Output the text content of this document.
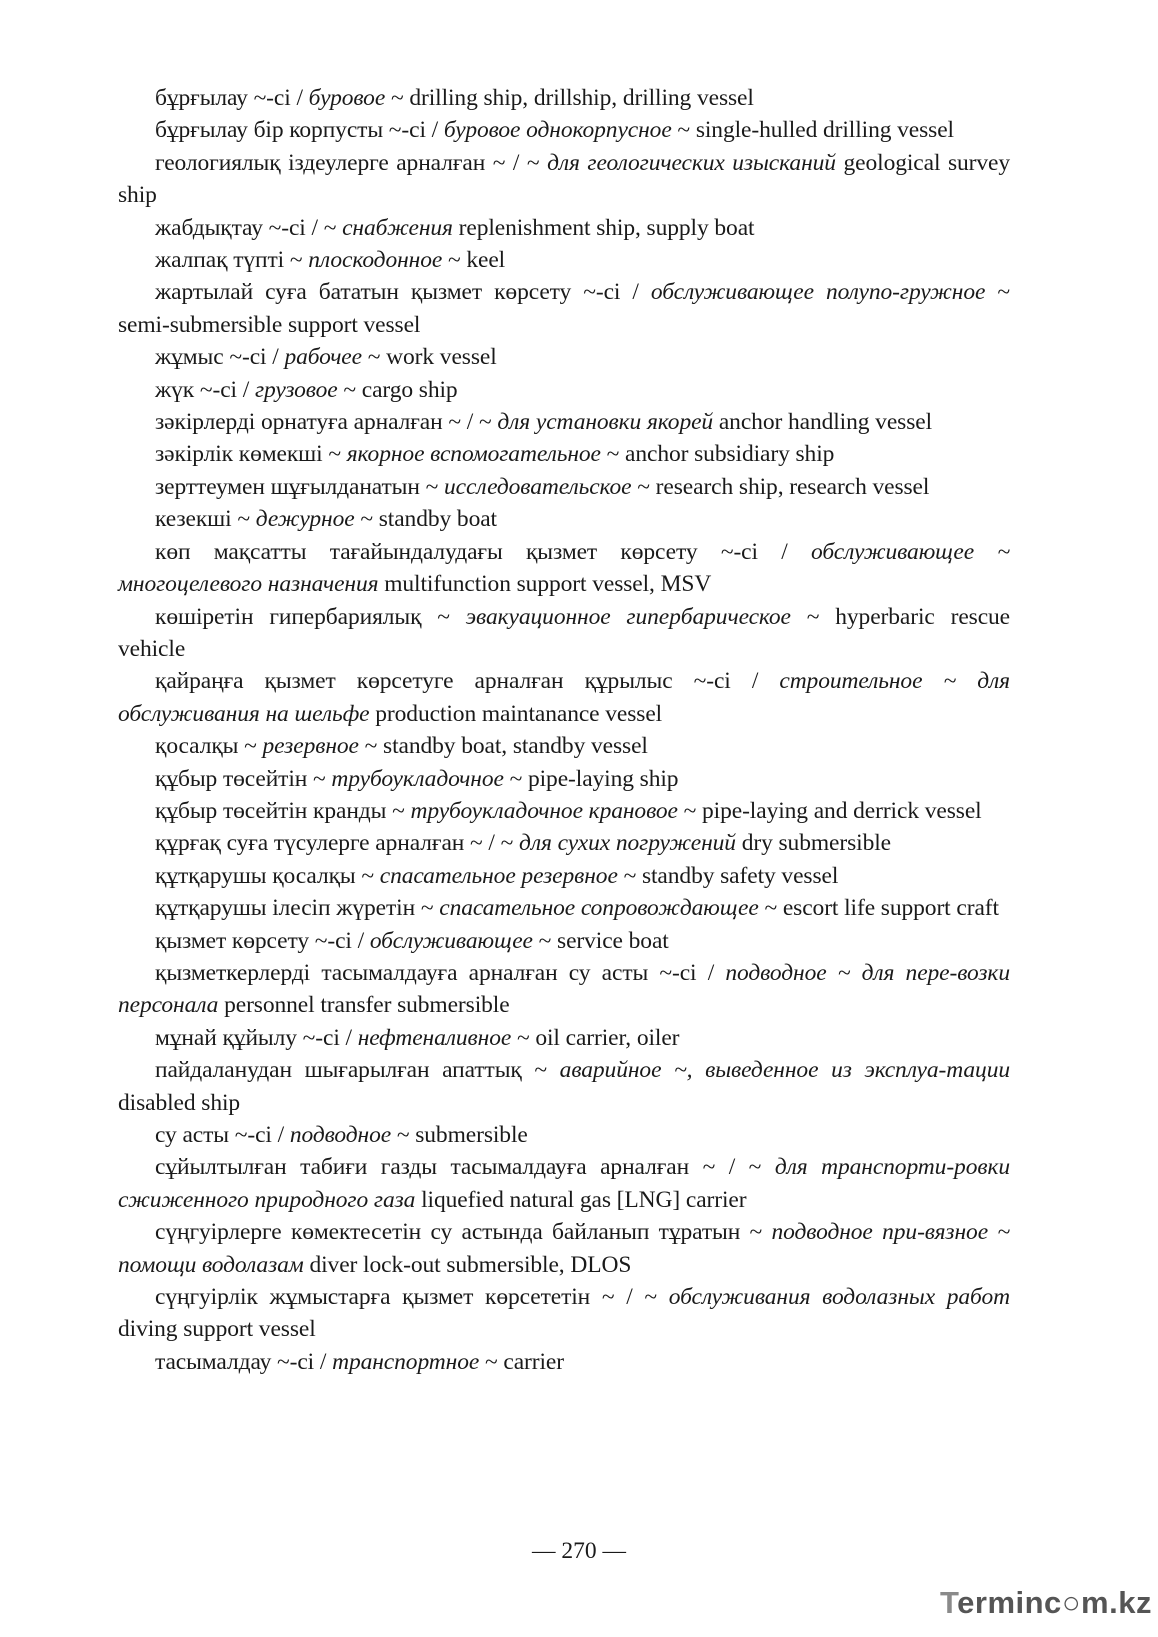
бұрғылау ~-сі / буровое ~ drilling ship, drillship, drilling vessel

бұрғылау бір корпусты ~-сі / буровое однокорпусное ~ single-hulled drilling vessel

геологиялық іздеулерге арналған ~ / ~ для геологических изысканий geological survey ship

жабдықтау ~-сі / ~ снабжения replenishment ship, supply boat

жалпақ түпті ~ плоскодонное ~ keel

жартылай суға бататын қызмет көрсету ~-сі / обслуживающее полупо-гружное ~ semi-submersible support vessel

жұмыс ~-сі / рабочее ~ work vessel

жүк ~-сі / грузовое ~ cargo ship

зәкірлерді орнатуға арналған ~ / ~ для установки якорей anchor handling vessel

зәкірлік көмекші ~ якорное вспомогательное ~ anchor subsidiary ship

зерттеумен шұғылданатын ~ исследовательское ~ research ship, research vessel

кезекші ~ дежурное ~ standby boat

көп мақсатты тағайындалудағы қызмет көрсету ~-сі / обслуживающее ~ многоцелевого назначения multifunction support vessel, MSV

көшіретін гипербариялық ~ эвакуационное гипербарическое ~ hyperbaric rescue vehicle

қайраңға қызмет көрсетуге арналған құрылыс ~-сі / строительное ~ для обслуживания на шельфе production maintanance vessel

қосалқы ~ резервное ~ standby boat, standby vessel

құбыр төсейтін ~ трубоукладочное ~ pipe-laying ship

құбыр төсейтін кранды ~ трубоукладочное крановое ~ pipe-laying and derrick vessel

құрғақ суға түсулерге арналған ~ / ~ для сухих погружений dry submersible

құтқарушы қосалқы ~ спасательное резервное ~ standby safety vessel

құтқарушы ілесіп жүретін ~ спасательное сопровождающее ~ escort life support craft

қызмет көрсету ~-сі / обслуживающее ~ service boat

қызметкерлерді тасымалдауға арналған су асты ~-сі / подводное ~ для пере-возки персонала personnel transfer submersible

мұнай құйылу ~-сі / нефтеналивное ~ oil carrier, oiler

пайдаланудан шығарылған апаттық ~ аварийное ~, выведенное из эксплуа-тации disabled ship

су асты ~-сі / подводное ~ submersible

сұйылтылған табиғи газды тасымалдауға арналған ~ / ~ для транспорти-ровки сжиженного природного газа liquefied natural gas [LNG] carrier

сүңгуірлерге көмектесетін су астында байланып тұратын ~ подводное при-вязное ~ помощи водолазам diver lock-out submersible, DLOS

сүңгуірлік жұмыстарға қызмет көрсететін ~ / ~ обслуживания водолазных работ diving support vessel

тасымалдау ~-сі / транспортное ~ carrier

— 270 —
Terminc○m.kz
